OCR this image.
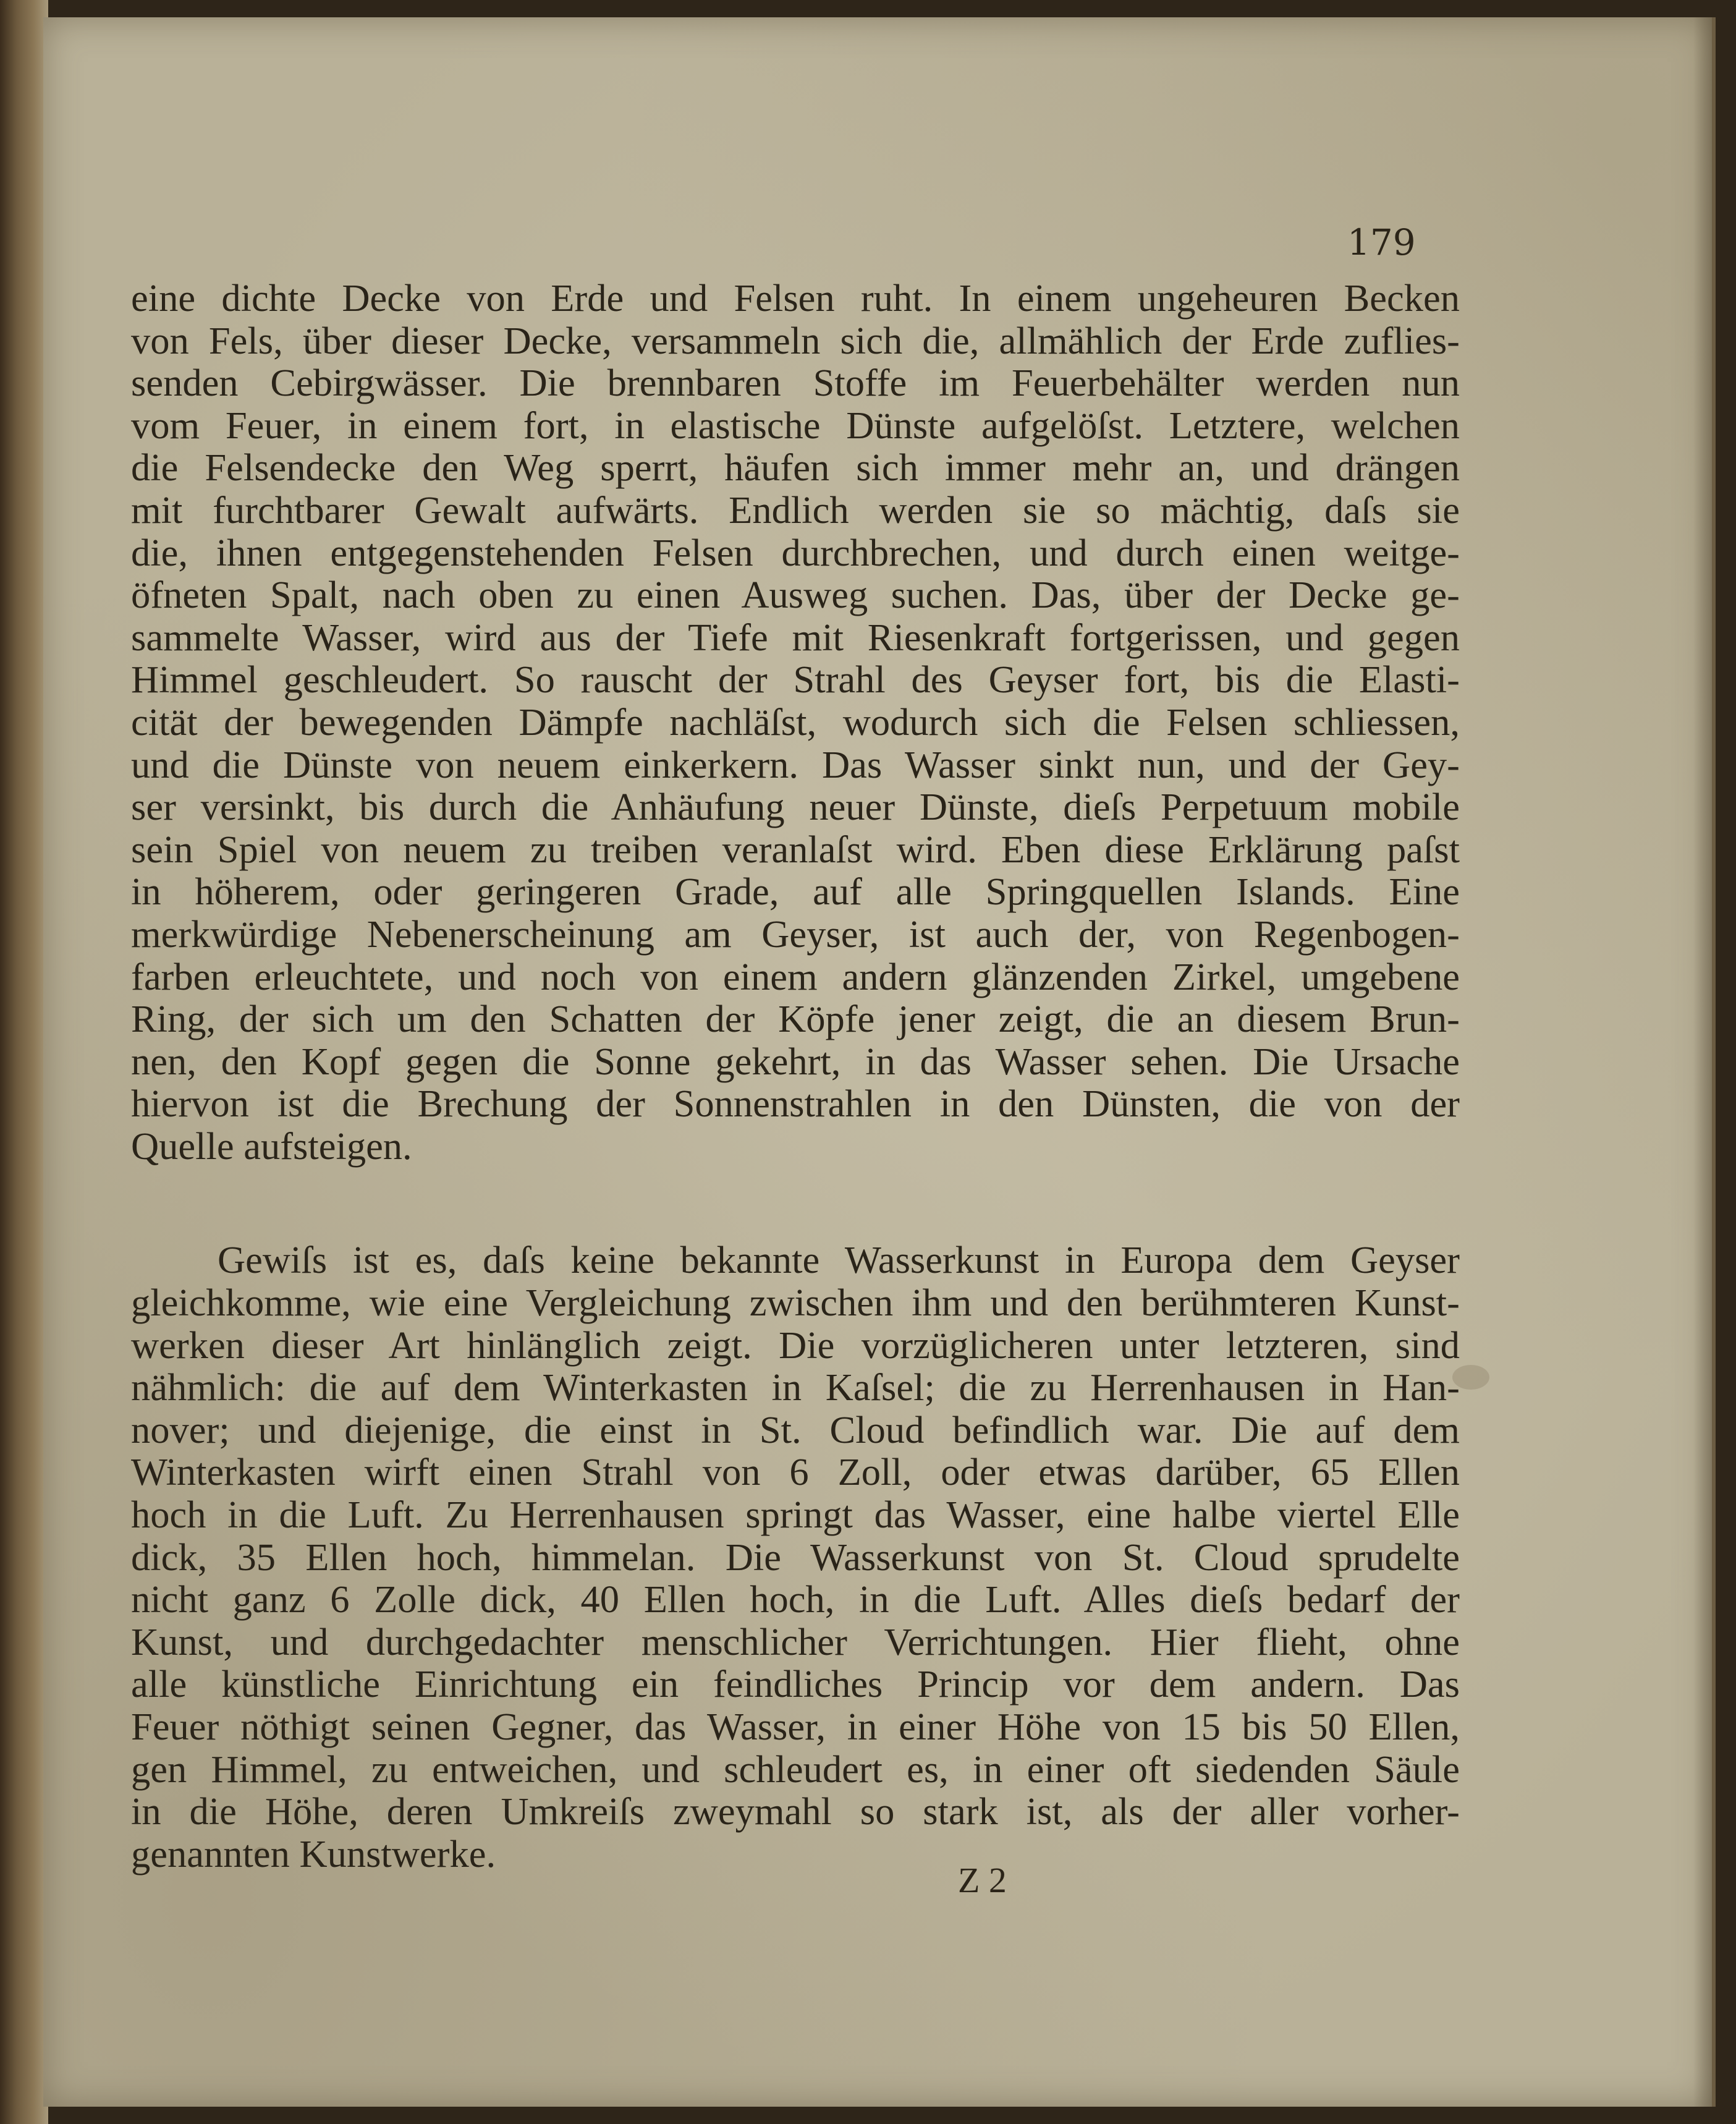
179
eine dichte Decke von Erde und Felsen ruht. In einem ungeheuren Becken
von Fels, über dieser Decke, versammeln sich die, allmählich der Erde zuflies-
senden Cebirgwässer. Die brennbaren Stoffe im Feuerbehälter werden nun
vom Feuer, in einem fort, in elastische Dünste aufgelöſst. Letztere, welchen
die Felsendecke den Weg sperrt, häufen sich immer mehr an, und drängen
mit furchtbarer Gewalt aufwärts. Endlich werden sie so mächtig, daſs sie
die, ihnen entgegenstehenden Felsen durchbrechen, und durch einen weitge-
öfneten Spalt, nach oben zu einen Ausweg suchen. Das, über der Decke ge-
sammelte Wasser, wird aus der Tiefe mit Riesenkraft fortgerissen, und gegen
Himmel geschleudert. So rauscht der Strahl des Geyser fort, bis die Elasti-
cität der bewegenden Dämpfe nachläſst, wodurch sich die Felsen schliessen,
und die Dünste von neuem einkerkern. Das Wasser sinkt nun, und der Gey-
ser versinkt, bis durch die Anhäufung neuer Dünste, dieſs Perpetuum mobile
sein Spiel von neuem zu treiben veranlaſst wird. Eben diese Erklärung paſst
in höherem, oder geringeren Grade, auf alle Springquellen Islands. Eine
merkwürdige Nebenerscheinung am Geyser, ist auch der, von Regenbogen-
farben erleuchtete, und noch von einem andern glänzenden Zirkel, umgebene
Ring, der sich um den Schatten der Köpfe jener zeigt, die an diesem Brun-
nen, den Kopf gegen die Sonne gekehrt, in das Wasser sehen. Die Ursache
hiervon ist die Brechung der Sonnenstrahlen in den Dünsten, die von der
Quelle aufsteigen.
Gewiſs ist es, daſs keine bekannte Wasserkunst in Europa dem Geyser
gleichkomme, wie eine Vergleichung zwischen ihm und den berühmteren Kunst-
werken dieser Art hinlänglich zeigt. Die vorzüglicheren unter letzteren, sind
nähmlich: die auf dem Winterkasten in Kaſsel; die zu Herrenhausen in Han-
nover; und diejenige, die einst in St. Cloud befindlich war. Die auf dem
Winterkasten wirft einen Strahl von 6 Zoll, oder etwas darüber, 65 Ellen
hoch in die Luft. Zu Herrenhausen springt das Wasser, eine halbe viertel Elle
dick, 35 Ellen hoch, himmelan. Die Wasserkunst von St. Cloud sprudelte
nicht ganz 6 Zolle dick, 40 Ellen hoch, in die Luft. Alles dieſs bedarf der
Kunst, und durchgedachter menschlicher Verrichtungen. Hier flieht, ohne
alle künstliche Einrichtung ein feindliches Princip vor dem andern. Das
Feuer nöthigt seinen Gegner, das Wasser, in einer Höhe von 15 bis 50 Ellen,
gen Himmel, zu entweichen, und schleudert es, in einer oft siedenden Säule
in die Höhe, deren Umkreiſs zweymahl so stark ist, als der aller vorher-
genannten Kunstwerke.
Z 2
